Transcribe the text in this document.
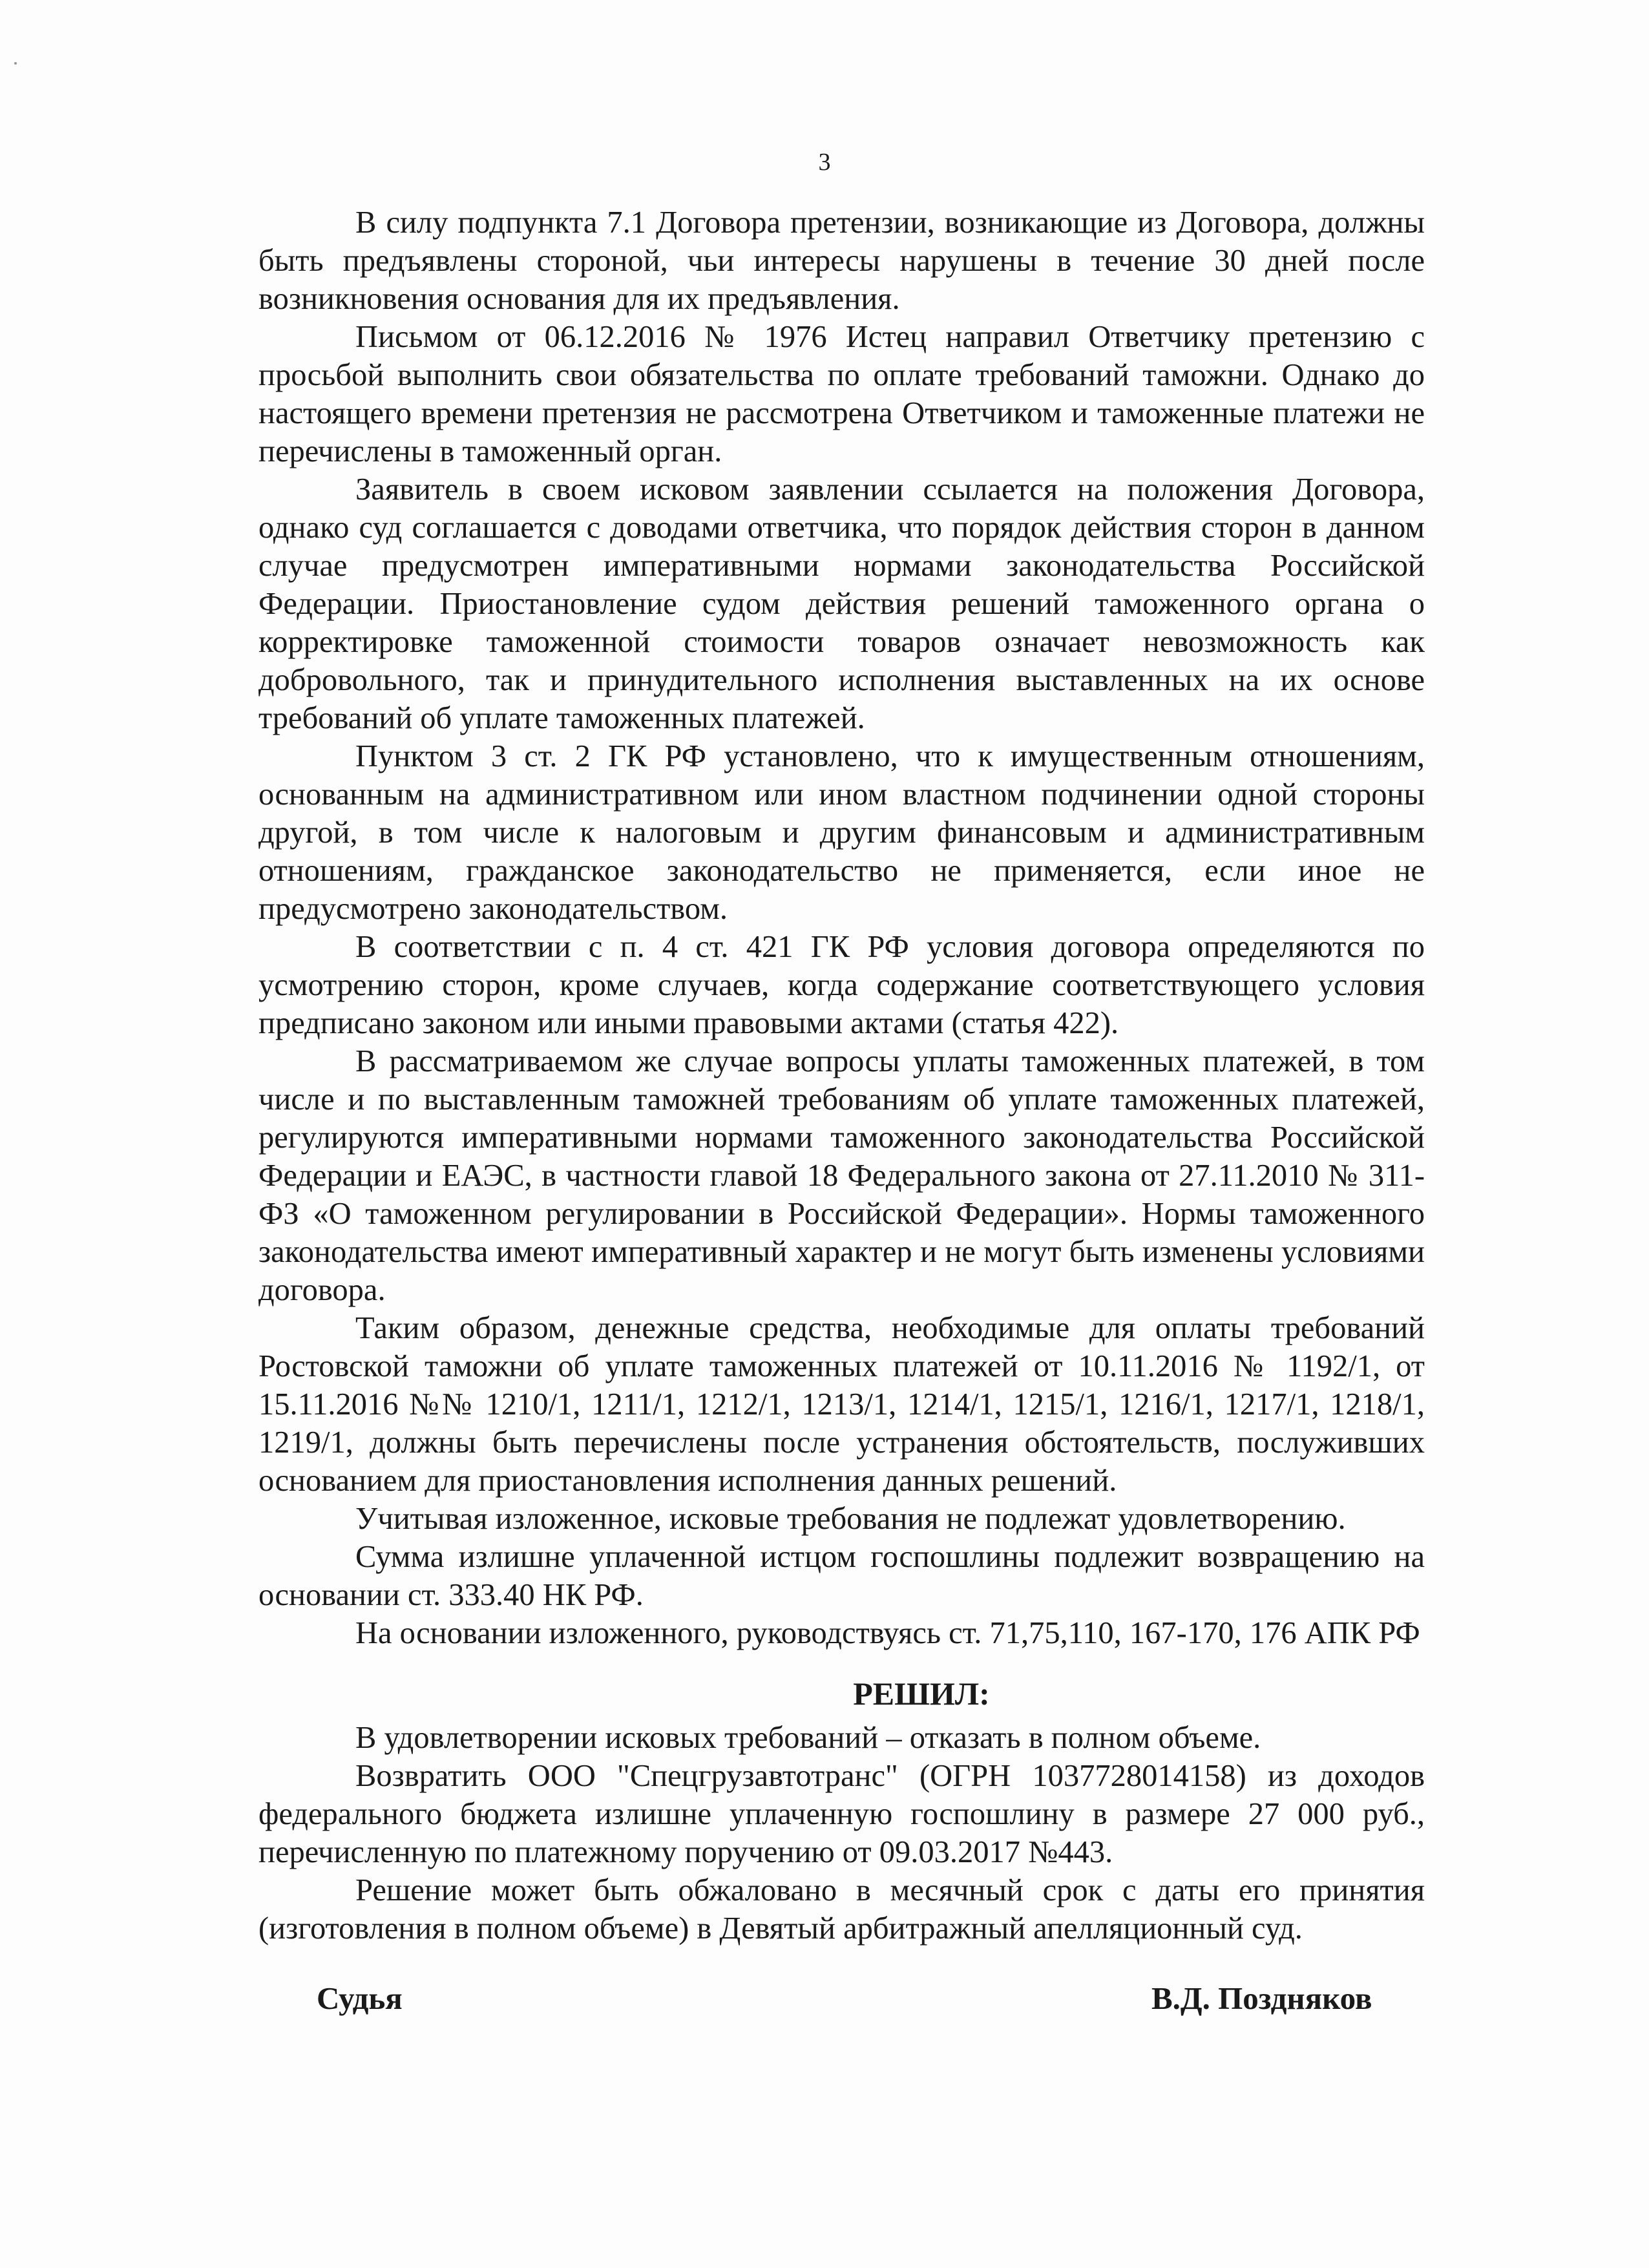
3

В силу подпункта 7.1 Договора претензии, возникающие из Договора, должны быть предъявлены стороной, чьи интересы нарушены в течение 30 дней после возникновения основания для их предъявления.

Письмом от 06.12.2016 № 1976 Истец направил Ответчику претензию с просьбой выполнить свои обязательства по оплате требований таможни. Однако до настоящего времени претензия не рассмотрена Ответчиком и таможенные платежи не перечислены в таможенный орган.

Заявитель в своем исковом заявлении ссылается на положения Договора, однако суд соглашается с доводами ответчика, что порядок действия сторон в данном случае предусмотрен императивными нормами законодательства Российской Федерации. Приостановление судом действия решений таможенного органа о корректировке таможенной стоимости товаров означает невозможность как добровольного, так и принудительного исполнения выставленных на их основе требований об уплате таможенных платежей.

Пунктом 3 ст. 2 ГК РФ установлено, что к имущественным отношениям, основанным на административном или ином властном подчинении одной стороны другой, в том числе к налоговым и другим финансовым и административным отношениям, гражданское законодательство не применяется, если иное не предусмотрено законодательством.

В соответствии с п. 4 ст. 421 ГК РФ условия договора определяются по усмотрению сторон, кроме случаев, когда содержание соответствующего условия предписано законом или иными правовыми актами (статья 422).

В рассматриваемом же случае вопросы уплаты таможенных платежей, в том числе и по выставленным таможней требованиям об уплате таможенных платежей, регулируются императивными нормами таможенного законодательства Российской Федерации и ЕАЭС, в частности главой 18 Федерального закона от 27.11.2010 № 311-ФЗ «О таможенном регулировании в Российской Федерации». Нормы таможенного законодательства имеют императивный характер и не могут быть изменены условиями договора.

Таким образом, денежные средства, необходимые для оплаты требований Ростовской таможни об уплате таможенных платежей от 10.11.2016 № 1192/1, от 15.11.2016 №№ 1210/1, 1211/1, 1212/1, 1213/1, 1214/1, 1215/1, 1216/1, 1217/1, 1218/1, 1219/1, должны быть перечислены после устранения обстоятельств, послуживших основанием для приостановления исполнения данных решений.

Учитывая изложенное, исковые требования не подлежат удовлетворению.

Сумма излишне уплаченной истцом госпошлины подлежит возвращению на основании ст. 333.40 НК РФ.

На основании изложенного, руководствуясь ст. 71,75,110, 167-170, 176 АПК РФ

РЕШИЛ:

В удовлетворении исковых требований – отказать в полном объеме.

Возвратить ООО "Спецгрузавтотранс" (ОГРН 1037728014158) из доходов федерального бюджета излишне уплаченную госпошлину в размере 27 000 руб., перечисленную по платежному поручению от 09.03.2017 №443.

Решение может быть обжаловано в месячный срок с даты его принятия (изготовления в полном объеме) в Девятый арбитражный апелляционный суд.

Судья	В.Д. Поздняков
